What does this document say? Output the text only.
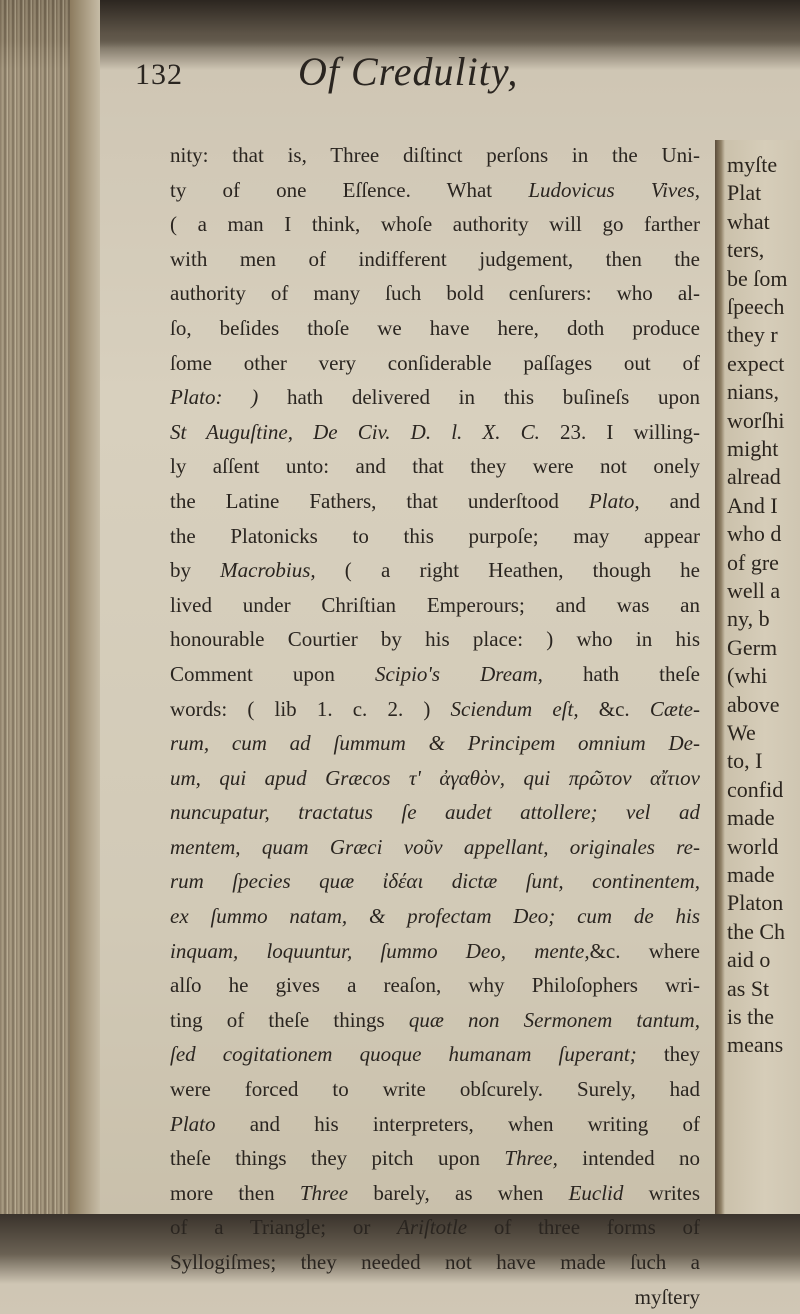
132	Of Credulity,
nity: that is, Three diſtinct perſons in the Uni-
ty of one Eſſence. What Ludovicus Vives,
( a man I think, whoſe authority will go farther
with men of indifferent judgement, then the
authority of many ſuch bold cenſurers: who al-
ſo, beſides thoſe we have here, doth produce
ſome other very conſiderable paſſages out of
Plato: ) hath delivered in this buſineſs upon
St Auguſtine, De Civ. D. l. X. C. 23. I willing-
ly aſſent unto: and that they were not onely
the Latine Fathers, that underſtood Plato, and
the Platonicks to this purpoſe; may appear
by Macrobius, ( a right Heathen, though he
lived under Chriſtian Emperours; and was an
honourable Courtier by his place: ) who in his
Comment upon Scipio's Dream, hath theſe
words: ( lib 1. c. 2. ) Sciendum eſt, &c. Cæte-
rum, cum ad ſummum & Principem omnium De-
um, qui apud Græcos τ' ἀγαθὸν, qui πρῶτον αἴτιον
nuncupatur, tractatus ſe audet attollere; vel ad
mentem, quam Græci νοῦν appellant, originales re-
rum ſpecies quæ ἰδέαι dictæ ſunt, continentem,
ex ſummo natam, & profectam Deo; cum de his
inquam, loquuntur, ſummo Deo, mente,&c. where
alſo he gives a reaſon, why Philoſophers wri-
ting of theſe things quæ non Sermonem tantum,
ſed cogitationem quoque humanam ſuperant; they
were forced to write obſcurely. Surely, had
Plato and his interpreters, when writing of
theſe things they pitch upon Three, intended no
more then Three barely, as when Euclid writes
of a Triangle; or Ariſtotle of three forms of
Syllogiſmes; they needed not have made ſuch a
myſtery
myſte
Plat
what
ters,
be ſom
ſpeech
they r
expect
nians,
worſhi
might
alread
And I
who d
of gre
well a
ny, b
Germ
(whi
above
We
to, I
confid
made
world
made
Platon
the Ch
aid o
as St
is the
means
